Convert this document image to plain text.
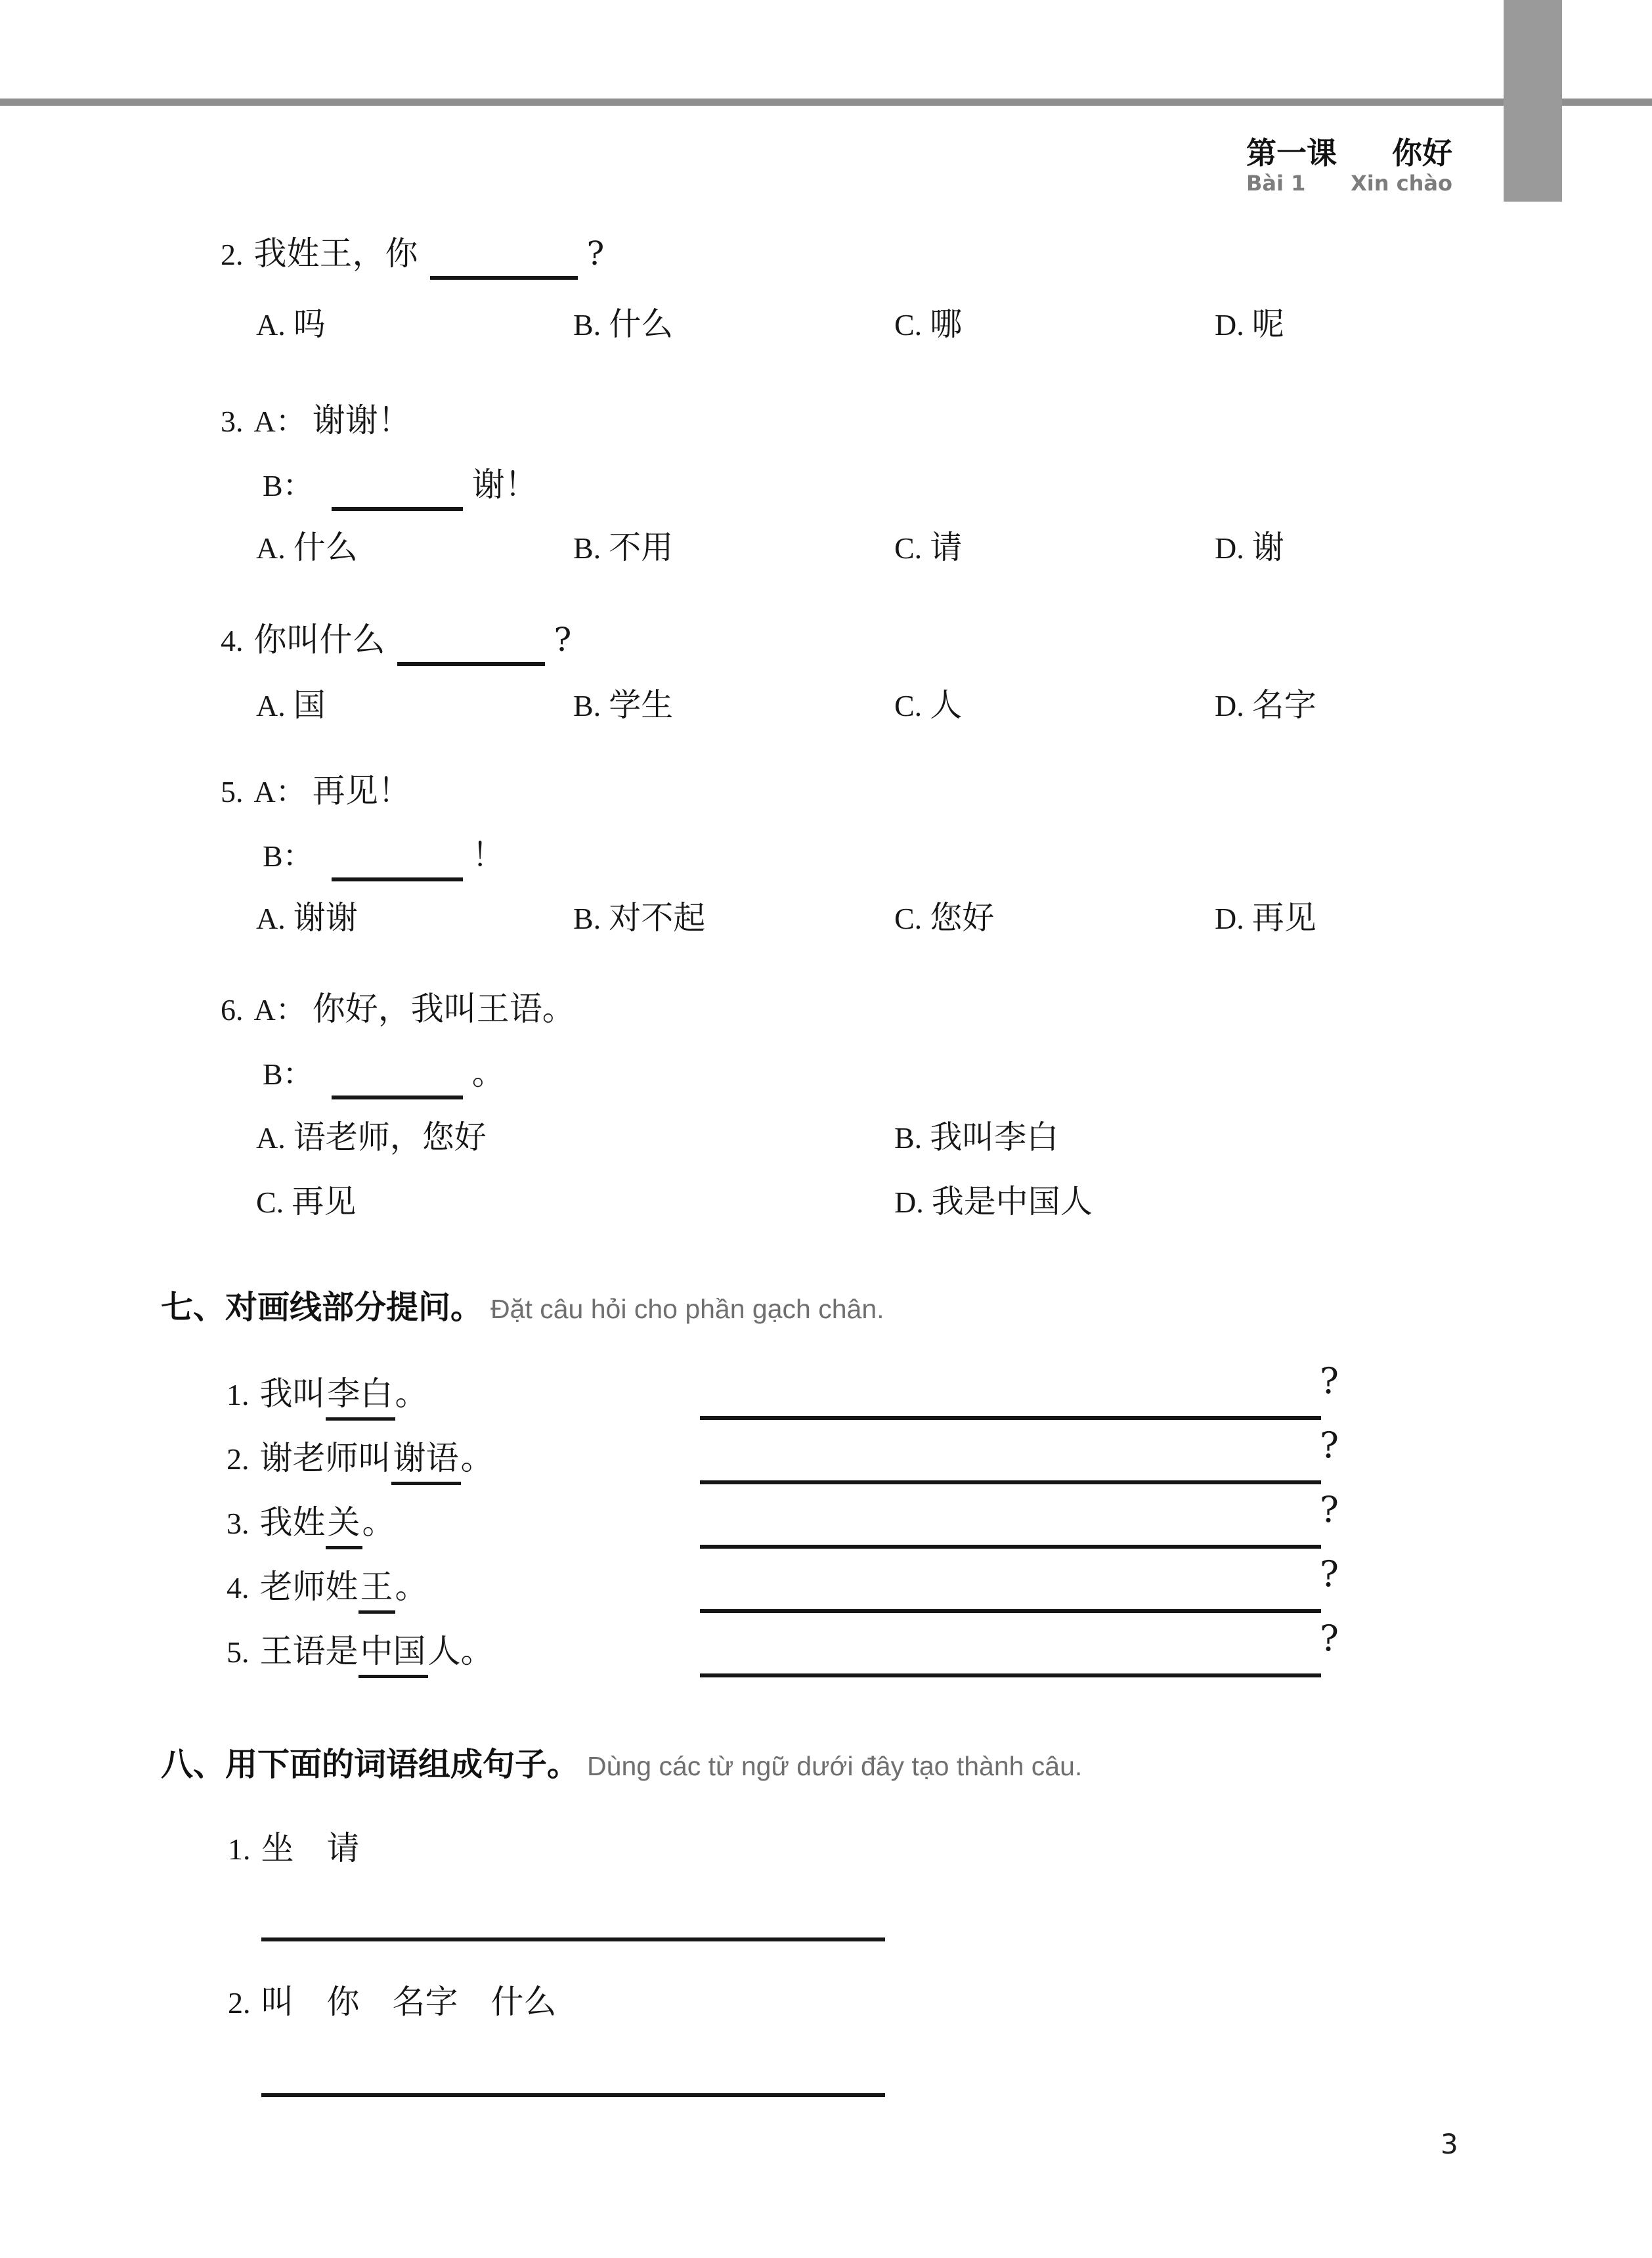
第一课 你好
Bài 1 Xin chào
2. 我姓王，你	?
A. 吗	B. 什么	C. 哪	D. 呢
3. A： 谢谢！
B：	谢！
A. 什么	B. 不用	C. 请	D. 谢
4. 你叫什么	?
A. 国	B. 学生	C. 人	D. 名字
5. A： 再见！
B：	！
A. 谢谢	B. 对不起	C. 您好	D. 再见
6. A： 你好，我叫王语。
B：	。
A. 语老师，您好	B. 我叫李白
C. 再见	D. 我是中国人
七、 对画线部分提问。 Đặt câu hỏi cho phần gạch chân.
1. 我叫 李白 。	?
2. 谢老师叫 谢语 。	?
3. 我姓 关 。	?
4. 老师姓 王 。	?
5. 王语是 中国 人。	?
八、 用下面的词语组成句子。 Dùng các từ ngữ dưới đây tạo thành câu.
1. 坐　请
2. 叫　你　名字　什么
3
